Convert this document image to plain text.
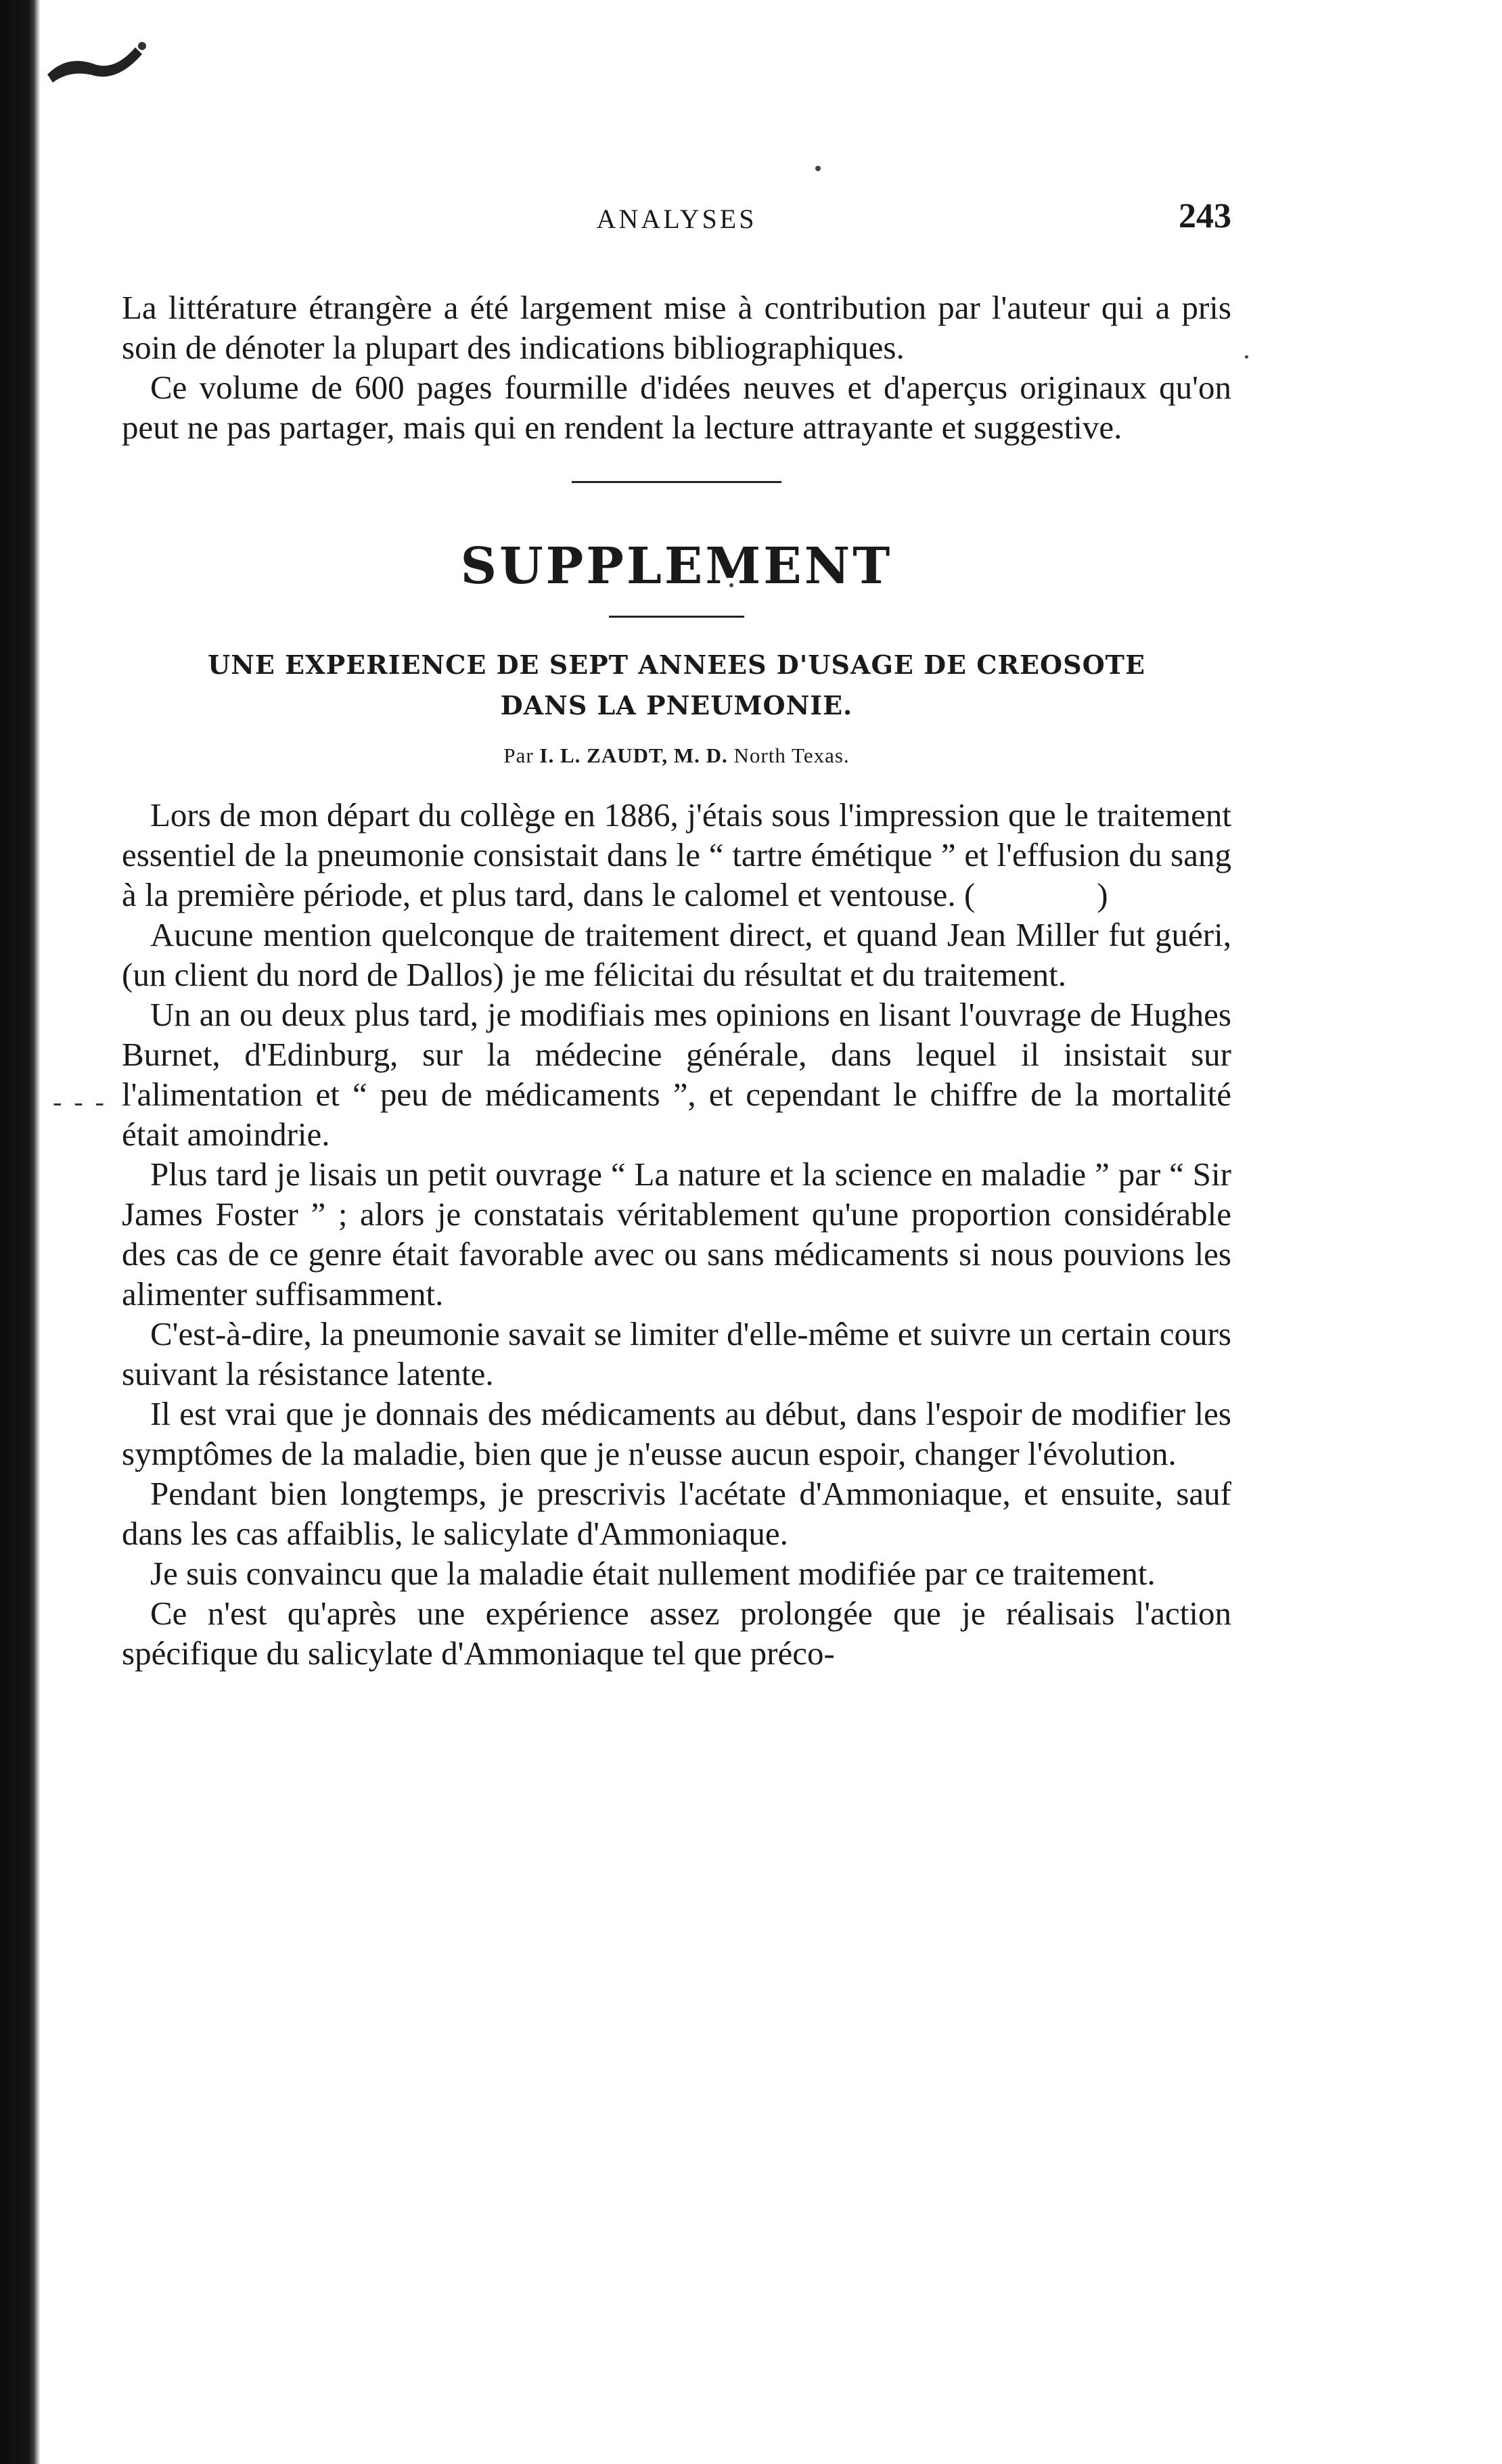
- - -
ANALYSES	243

La littérature étrangère a été largement mise à contribution par l'auteur qui a pris soin de dénoter la plupart des indications bibliographiques.

Ce volume de 600 pages fourmille d'idées neuves et d'aperçus originaux qu'on peut ne pas partager, mais qui en rendent la lecture attrayante et suggestive.

SUPPLEMENT
UNE EXPERIENCE DE SEPT ANNEES D'USAGE DE CREOSOTE
DANS LA PNEUMONIE.
Par I. L. ZAUDT, M. D. North Texas.

Lors de mon départ du collège en 1886, j'étais sous l'impression que le traitement essentiel de la pneumonie consistait dans le “ tartre émétique ” et l'effusion du sang à la première période, et plus tard, dans le calomel et ventouse. (	)

Aucune mention quelconque de traitement direct, et quand Jean Miller fut guéri, (un client du nord de Dallos) je me félicitai du résultat et du traitement.

Un an ou deux plus tard, je modifiais mes opinions en lisant l'ouvrage de Hughes Burnet, d'Edinburg, sur la médecine générale, dans lequel il insistait sur l'alimentation et “ peu de médicaments ”, et cependant le chiffre de la mortalité était amoindrie.

Plus tard je lisais un petit ouvrage “ La nature et la science en maladie ” par “ Sir James Foster ” ; alors je constatais véritablement qu'une proportion considérable des cas de ce genre était favorable avec ou sans médicaments si nous pouvions les alimenter suffisamment.

C'est-à-dire, la pneumonie savait se limiter d'elle-même et suivre un certain cours suivant la résistance latente.

Il est vrai que je donnais des médicaments au début, dans l'espoir de modifier les symptômes de la maladie, bien que je n'eusse aucun espoir, changer l'évolution.

Pendant bien longtemps, je prescrivis l'acétate d'Ammoniaque, et ensuite, sauf dans les cas affaiblis, le salicylate d'Ammoniaque.

Je suis convaincu que la maladie était nullement modifiée par ce traitement.

Ce n'est qu'après une expérience assez prolongée que je réalisais l'action spécifique du salicylate d'Ammoniaque tel que préco-
